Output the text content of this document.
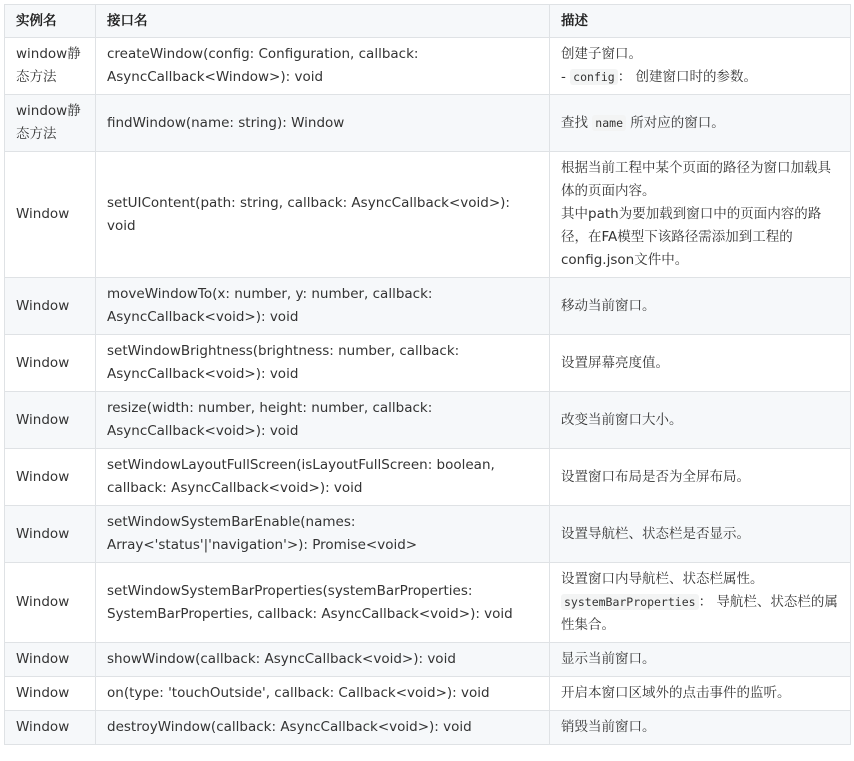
实例名	接口名	描述
window静态方法	createWindow(config: Configuration, callback: AsyncCallback<Window>): void	创建子窗口。
- config ： 创建窗口时的参数。

window静态方法	findWindow(name: string): Window	查找 name 所对应的窗口。
Window	setUIContent(path: string, callback: AsyncCallback<void>): void	根据当前工程中某个页面的路径为窗口加载具体的页面内容。
其中path为要加载到窗口中的页面内容的路径，在FA模型下该路径需添加到工程的config.json文件中。

Window	moveWindowTo(x: number, y: number, callback: AsyncCallback<void>): void	移动当前窗口。
Window	setWindowBrightness(brightness: number, callback: AsyncCallback<void>): void	设置屏幕亮度值。
Window	resize(width: number, height: number, callback: AsyncCallback<void>): void	改变当前窗口大小。
Window	setWindowLayoutFullScreen(isLayoutFullScreen: boolean, callback: AsyncCallback<void>): void	设置窗口布局是否为全屏布局。
Window	setWindowSystemBarEnable(names: Array<'status'|'navigation'>): Promise<void>	设置导航栏、状态栏是否显示。
Window	setWindowSystemBarProperties(systemBarProperties: SystemBarProperties, callback: AsyncCallback<void>): void	设置窗口内导航栏、状态栏属性。
systemBarProperties ： 导航栏、状态栏的属性集合。

Window	showWindow(callback: AsyncCallback<void>): void	显示当前窗口。
Window	on(type: 'touchOutside', callback: Callback<void>): void	开启本窗口区域外的点击事件的监听。
Window	destroyWindow(callback: AsyncCallback<void>): void	销毁当前窗口。
